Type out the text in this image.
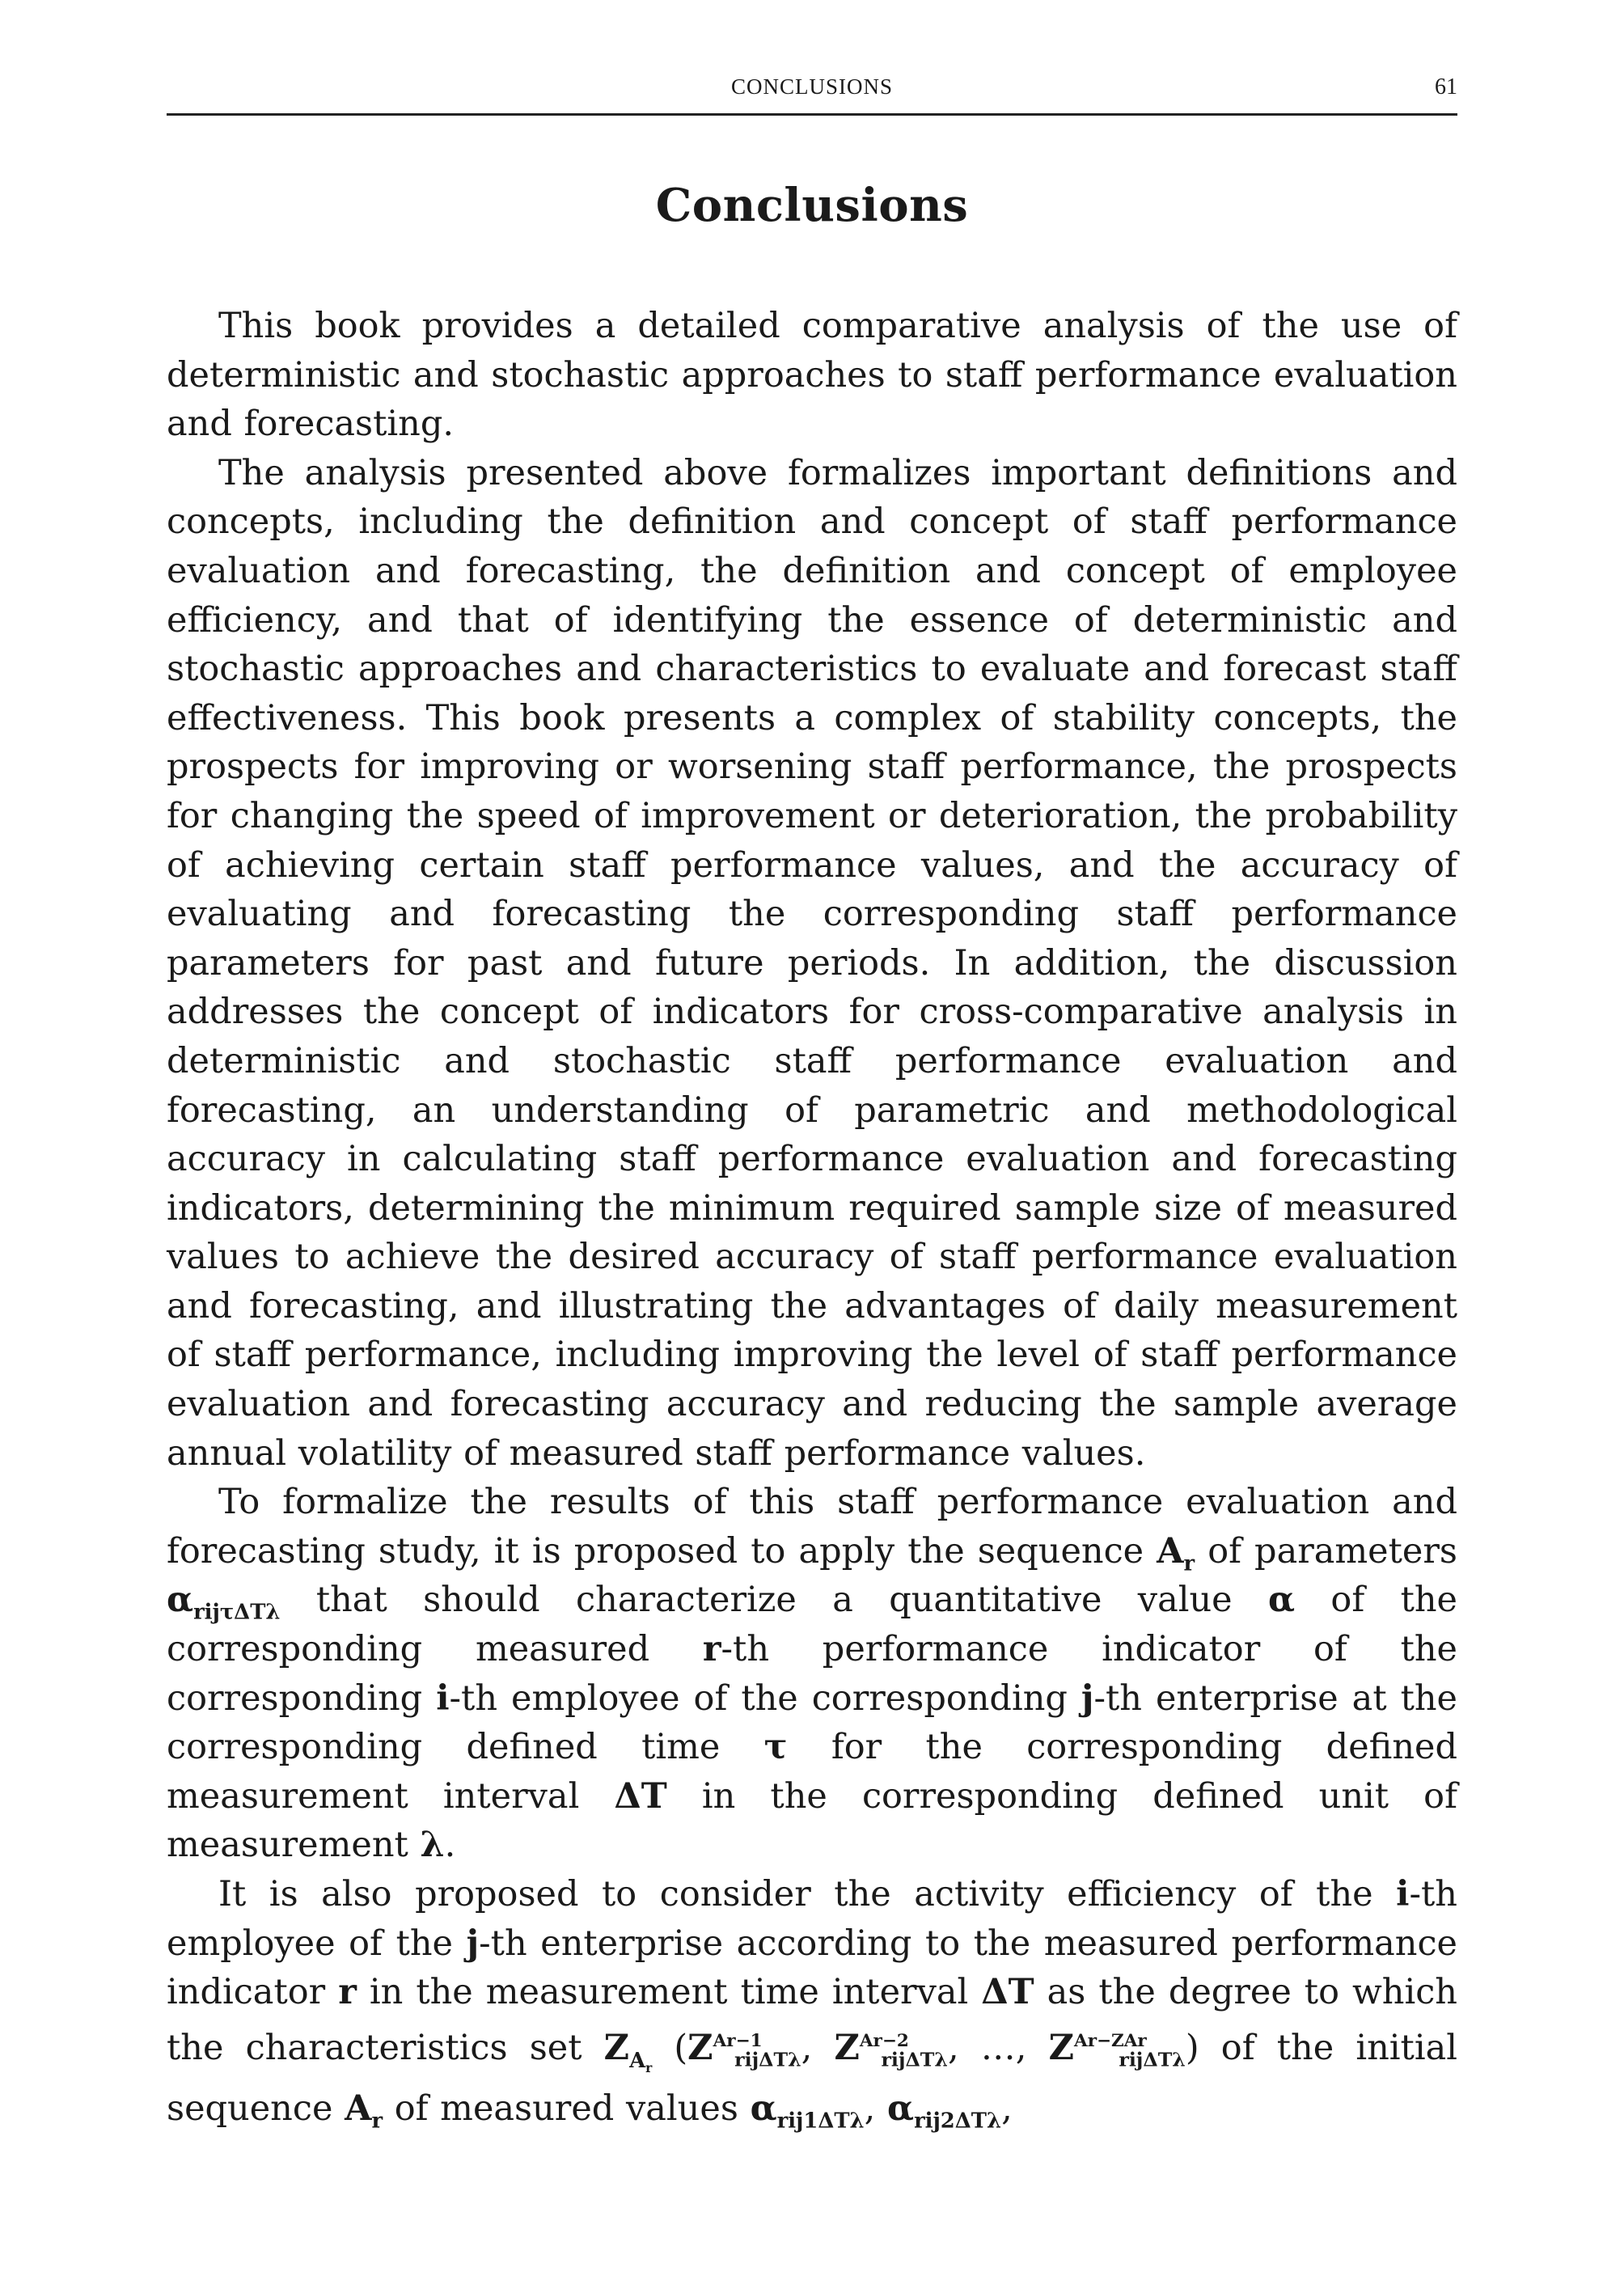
CONCLUSIONS	61
Conclusions

This book provides a detailed comparative analysis of the use of deterministic and stochastic approaches to staff performance evaluation and forecasting.

The analysis presented above formalizes important definitions and concepts, including the definition and concept of staff performance evaluation and forecasting, the definition and concept of employee efficiency, and that of identifying the essence of deterministic and stochastic approaches and characteristics to evaluate and forecast staff effectiveness. This book presents a complex of stability concepts, the prospects for improving or worsening staff performance, the prospects for changing the speed of improvement or deterioration, the probability of achieving certain staff performance values, and the accuracy of evaluating and forecasting the corresponding staff performance parameters for past and future periods. In addition, the discussion addresses the concept of indicators for cross-comparative analysis in deterministic and stochastic staff performance evaluation and forecasting, an understanding of parametric and methodological accuracy in calculating staff performance evaluation and forecasting indicators, determining the minimum required sample size of measured values to achieve the desired accuracy of staff performance evaluation and forecasting, and illustrating the advantages of daily measurement of staff performance, including improving the level of staff performance evaluation and forecasting accuracy and reducing the sample average annual volatility of measured staff performance values.

To formalize the results of this staff performance evaluation and forecasting study, it is proposed to apply the sequence $A_r$ of parameters $\alpha_{rij\tau\Delta T\lambda}$ that should characterize a quantitative value α of the corresponding measured r-th performance indicator of the corresponding i-th employee of the corresponding j-th enterprise at the corresponding defined time τ for the corresponding defined measurement interval ΔT in the corresponding defined unit of measurement λ.

It is also proposed to consider the activity efficiency of the i-th employee of the j-th enterprise according to the measured performance indicator r in the measurement time interval ΔT as the degree to which the characteristics set $Z_{A_r}$ ($Z^{Ar-1}rij\Delta T\lambda$, $Z^{Ar-2}rij\Delta T\lambda$, …, $Z^{Ar-ZAr}rij\Delta T\lambda$) of the initial sequence $A_r$ of measured values $\alpha_{rij1\Delta T\lambda}$, $\alpha_{rij2\Delta T\lambda}$,
